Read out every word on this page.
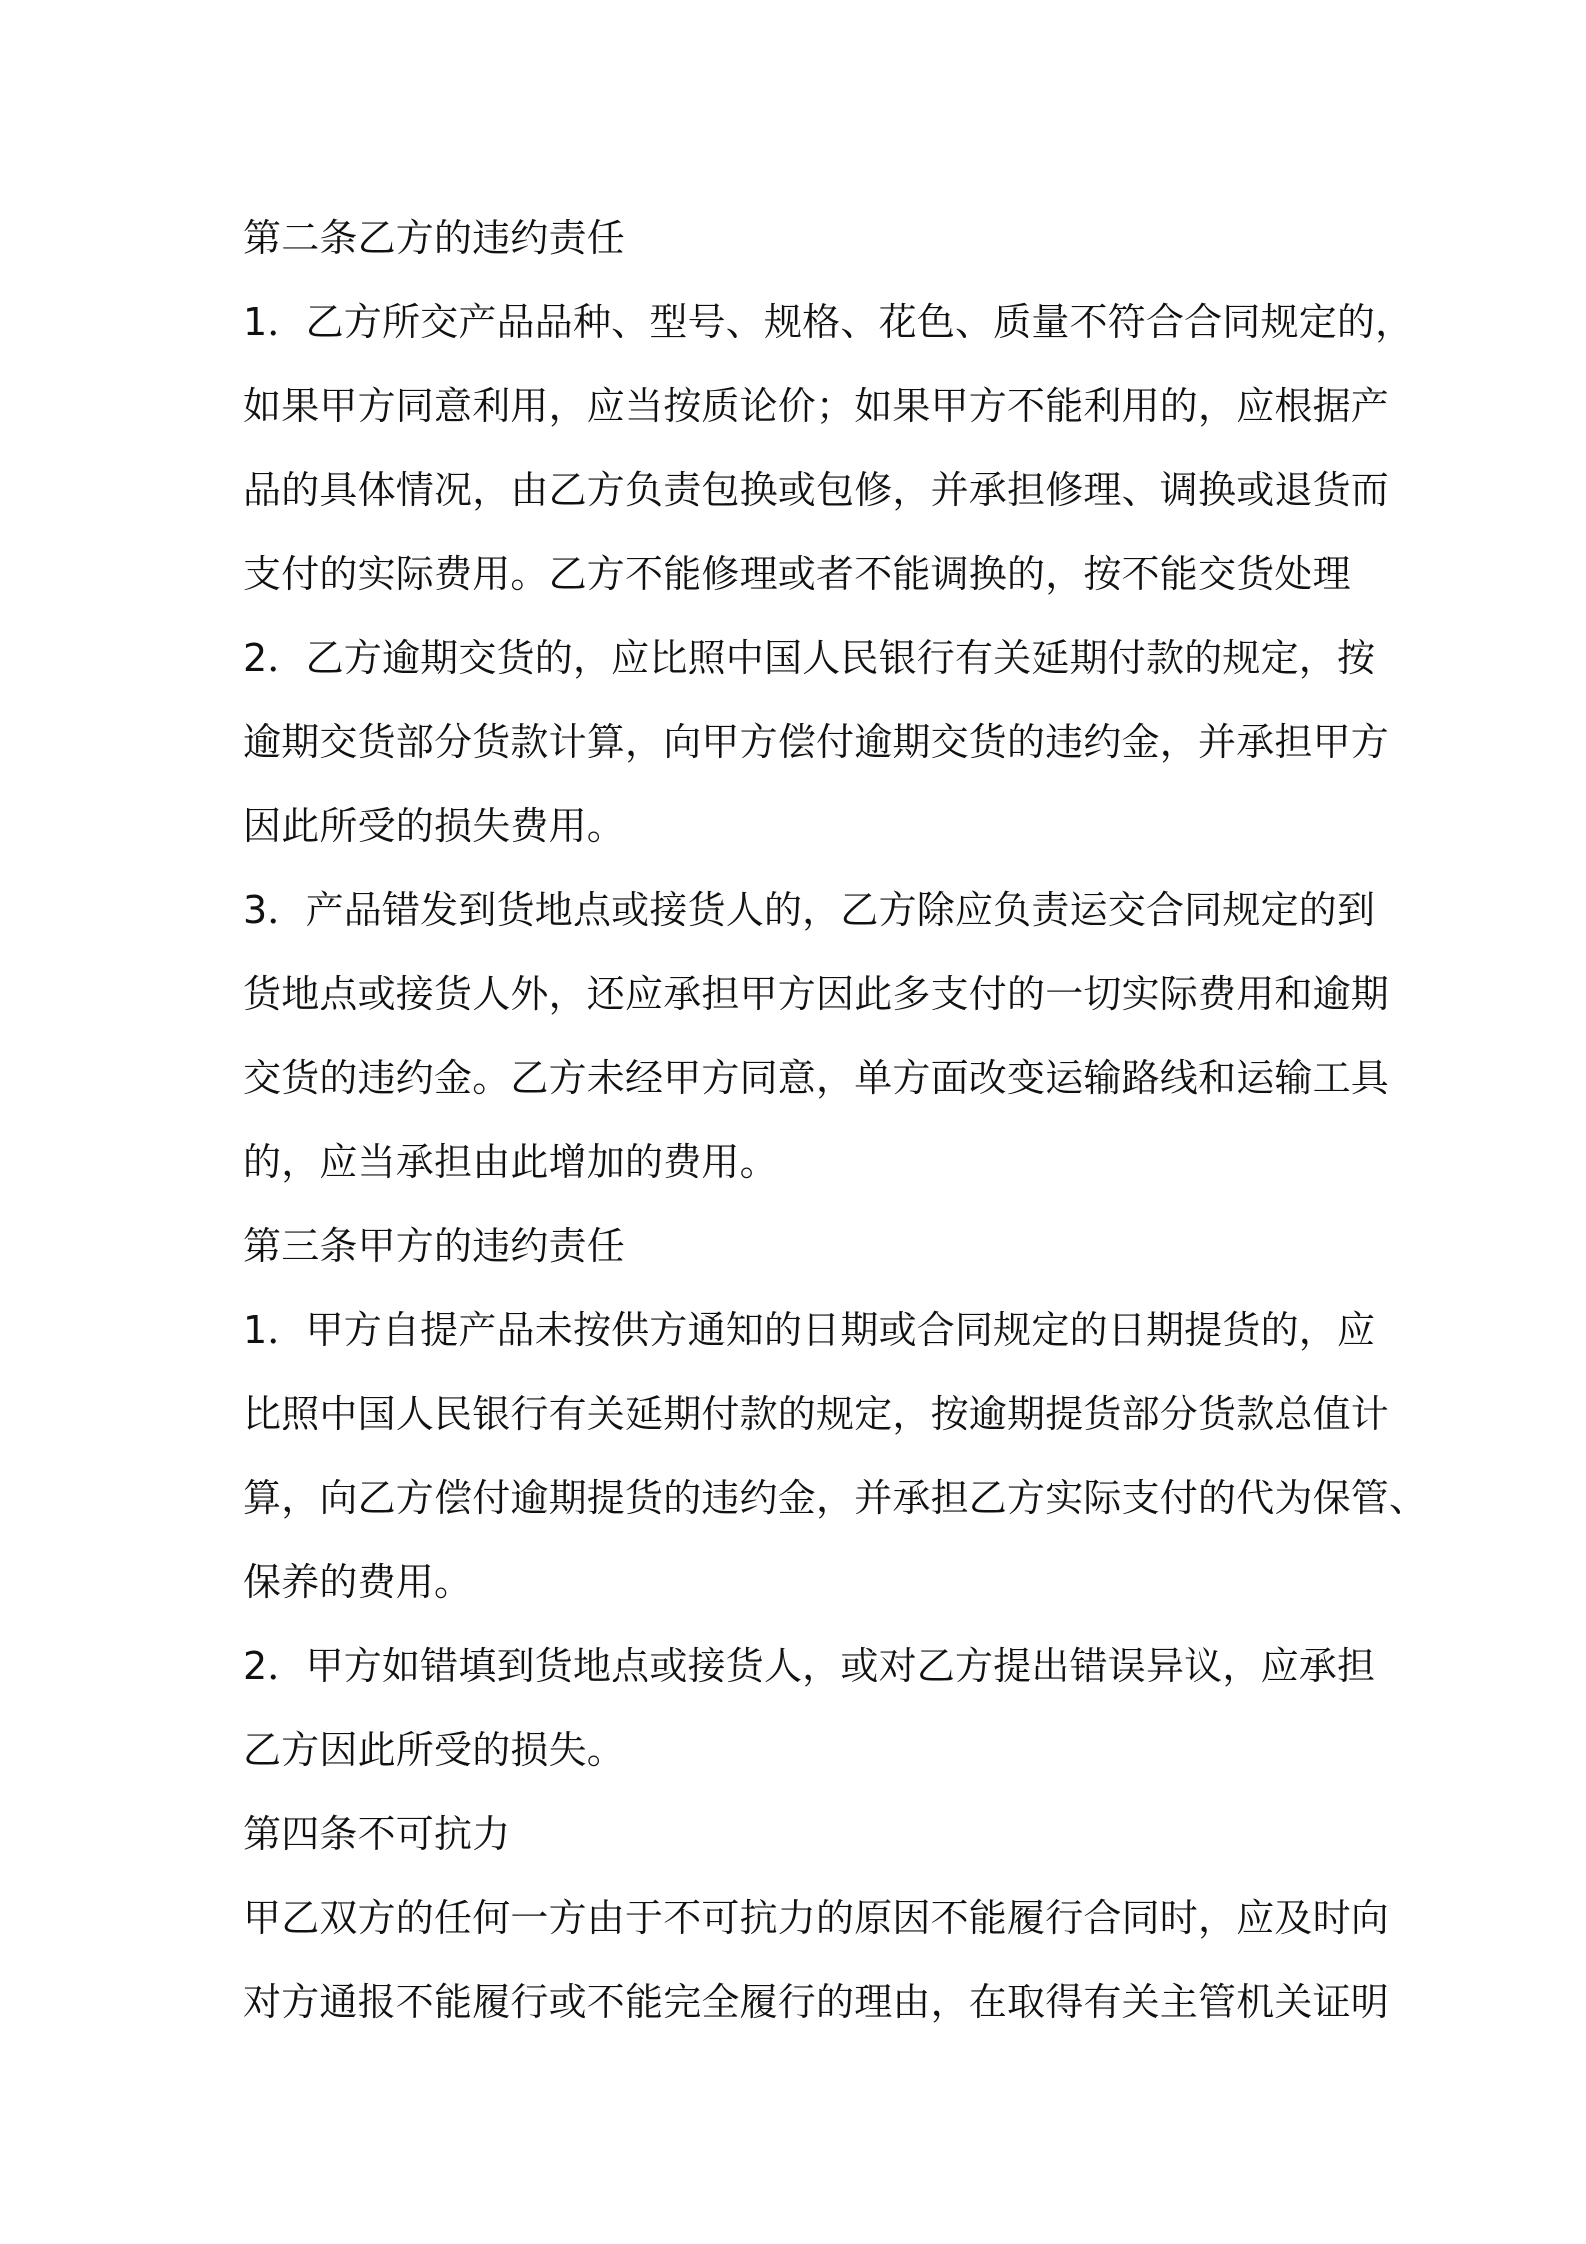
第二条乙方的违约责任
1．乙方所交产品品种、型号、规格、花色、质量不符合合同规定的，
如果甲方同意利用，应当按质论价；如果甲方不能利用的，应根据产
品的具体情况，由乙方负责包换或包修，并承担修理、调换或退货而
支付的实际费用。乙方不能修理或者不能调换的，按不能交货处理
2．乙方逾期交货的，应比照中国人民银行有关延期付款的规定，按
逾期交货部分货款计算，向甲方偿付逾期交货的违约金，并承担甲方
因此所受的损失费用。
3．产品错发到货地点或接货人的，乙方除应负责运交合同规定的到
货地点或接货人外，还应承担甲方因此多支付的一切实际费用和逾期
交货的违约金。乙方未经甲方同意，单方面改变运输路线和运输工具
的，应当承担由此增加的费用。
第三条甲方的违约责任
1．甲方自提产品未按供方通知的日期或合同规定的日期提货的，应
比照中国人民银行有关延期付款的规定，按逾期提货部分货款总值计
算，向乙方偿付逾期提货的违约金，并承担乙方实际支付的代为保管、
保养的费用。
2．甲方如错填到货地点或接货人，或对乙方提出错误异议，应承担
乙方因此所受的损失。
第四条不可抗力
甲乙双方的任何一方由于不可抗力的原因不能履行合同时，应及时向
对方通报不能履行或不能完全履行的理由，在取得有关主管机关证明
